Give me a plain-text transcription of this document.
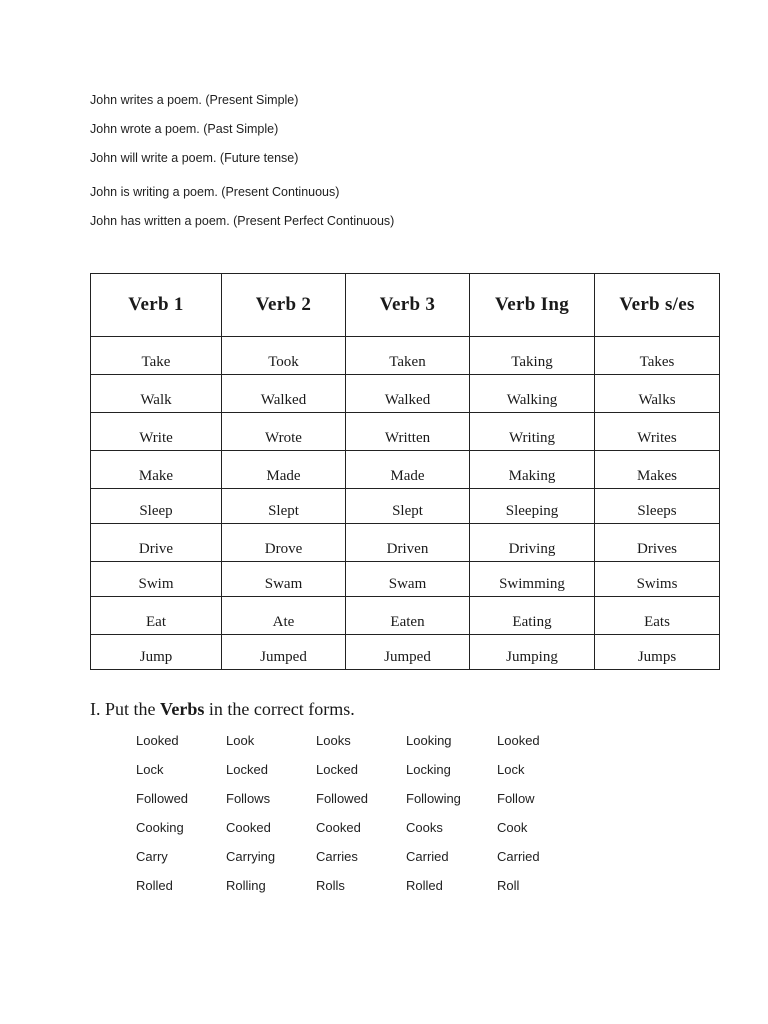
John writes a poem. (Present Simple)
John wrote a poem. (Past Simple)
John will write a poem. (Future tense)
John is writing a poem. (Present Continuous)
John has written a poem. (Present Perfect Continuous)
Verb 1	Verb 2	Verb 3	Verb Ing	Verb s/es
Take	Took	Taken	Taking	Takes
Walk	Walked	Walked	Walking	Walks
Write	Wrote	Written	Writing	Writes
Make	Made	Made	Making	Makes
Sleep	Slept	Slept	Sleeping	Sleeps
Drive	Drove	Driven	Driving	Drives
Swim	Swam	Swam	Swimming	Swims
Eat	Ate	Eaten	Eating	Eats
Jump	Jumped	Jumped	Jumping	Jumps
I. Put the Verbs in the correct forms.
Looked	Look	Looks	Looking	Looked
Lock	Locked	Locked	Locking	Lock
Followed	Follows	Followed	Following	Follow
Cooking	Cooked	Cooked	Cooks	Cook
Carry	Carrying	Carries	Carried	Carried
Rolled	Rolling	Rolls	Rolled	Roll
